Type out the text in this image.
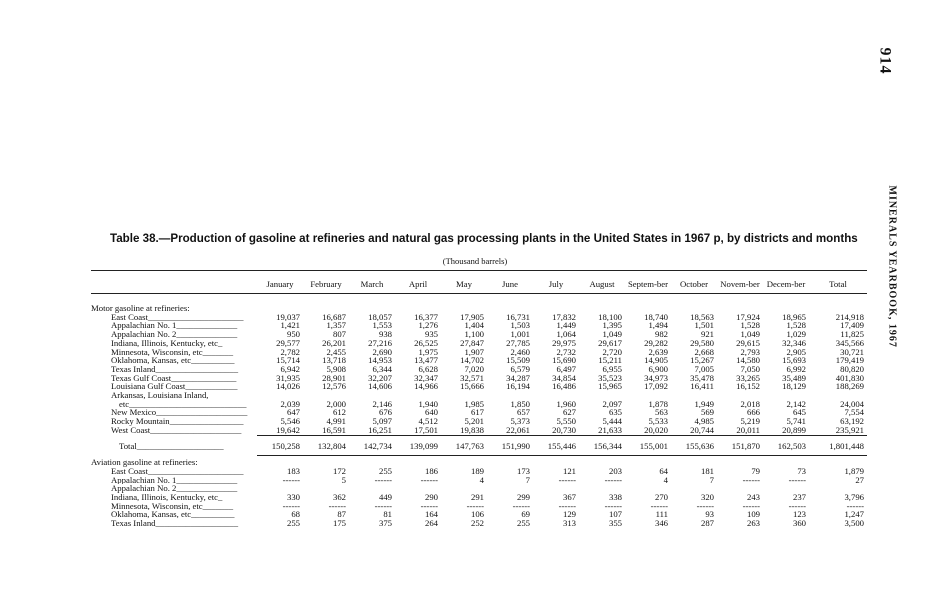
914
MINERALS YEARBOOK, 1967
Table 38.—Production of gasoline at refineries and natural gas processing plants in the United States in 1967 p, by districts and months
(Thousand barrels)
	January	February	March	April	May	June	July	August	Septem-ber	October	Novem-ber	Decem-ber	Total
Motor gasoline at refineries:													
East Coast______________________	19,037	16,687	18,057	16,377	17,905	16,731	17,832	18,100	18,740	18,563	17,924	18,965	214,918
Appalachian No. 1______________	1,421	1,357	1,553	1,276	1,404	1,503	1,449	1,395	1,494	1,501	1,528	1,528	17,409
Appalachian No. 2______________	950	807	938	935	1,100	1,001	1,064	1,049	982	921	1,049	1,029	11,825
Indiana, Illinois, Kentucky, etc_	29,577	26,201	27,216	26,525	27,847	27,785	29,975	29,617	29,282	29,580	29,615	32,346	345,566
Minnesota, Wisconsin, etc_______	2,782	2,455	2,690	1,975	1,907	2,460	2,732	2,720	2,639	2,668	2,793	2,905	30,721
Oklahoma, Kansas, etc__________	15,714	13,718	14,953	13,477	14,702	15,509	15,690	15,211	14,905	15,267	14,580	15,693	179,419
Texas Inland___________________	6,942	5,908	6,344	6,628	7,020	6,579	6,497	6,955	6,900	7,005	7,050	6,992	80,820
Texas Gulf Coast_______________	31,935	28,901	32,207	32,347	32,571	34,287	34,854	35,523	34,973	35,478	33,265	35,489	401,830
Louisiana Gulf Coast____________	14,026	12,576	14,606	14,966	15,666	16,194	16,486	15,965	17,092	16,411	16,152	18,129	188,269
Arkansas, Louisiana Inland,													
etc___________________________	2,039	2,000	2,146	1,940	1,985	1,850	1,960	2,097	1,878	1,949	2,018	2,142	24,004
New Mexico_____________________	647	612	676	640	617	657	627	635	563	569	666	645	7,554
Rocky Mountain_________________	5,546	4,991	5,097	4,512	5,201	5,373	5,550	5,444	5,533	4,985	5,219	5,741	63,192
West Coast_____________________	19,642	16,591	16,251	17,501	19,838	22,061	20,730	21,633	20,020	20,744	20,011	20,899	235,921
Total____________________	150,258	132,804	142,734	139,099	147,763	151,990	155,446	156,344	155,001	155,636	151,870	162,503	1,801,448
Aviation gasoline at refineries:													
East Coast______________________	183	172	255	186	189	173	121	203	64	181	79	73	1,879
Appalachian No. 1______________	------	5	------	------	4	7	------	------	4	7	------	------	27
Appalachian No. 2______________													
Indiana, Illinois, Kentucky, etc_	330	362	449	290	291	299	367	338	270	320	243	237	3,796
Minnesota, Wisconsin, etc_______	------	------	------	------	------	------	------	------	------	------	------	------	------
Oklahoma, Kansas, etc__________	68	87	81	164	106	69	129	107	111	93	109	123	1,247
Texas Inland___________________	255	175	375	264	252	255	313	355	346	287	263	360	3,500
